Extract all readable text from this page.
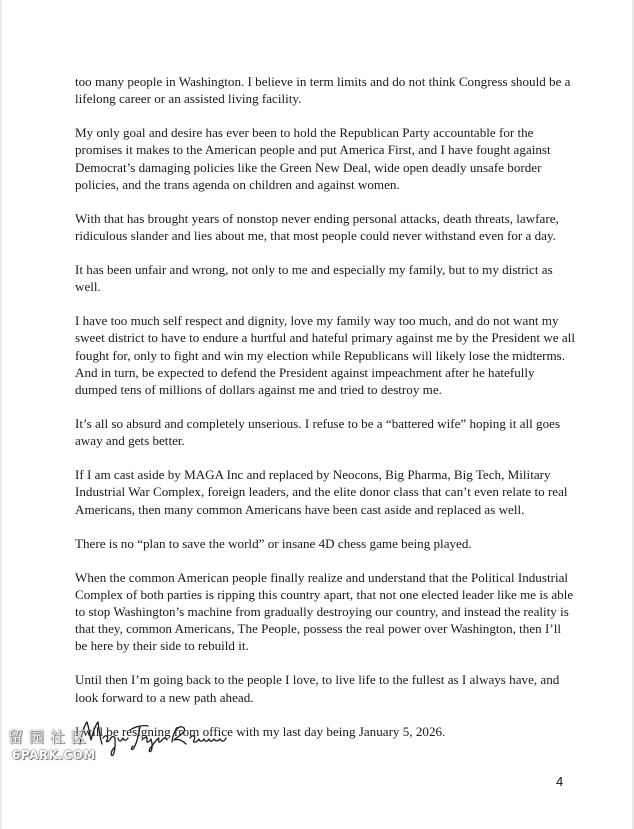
too many people in Washington. I believe in term limits and do not think Congress should be a lifelong career or an assisted living facility.

My only goal and desire has ever been to hold the Republican Party accountable for the promises it makes to the American people and put America First, and I have fought against Democrat’s damaging policies like the Green New Deal, wide open deadly unsafe border policies, and the trans agenda on children and against women.

With that has brought years of nonstop never ending personal attacks, death threats, lawfare, ridiculous slander and lies about me, that most people could never withstand even for a day.

It has been unfair and wrong, not only to me and especially my family, but to my district as well.

I have too much self respect and dignity, love my family way too much, and do not want my sweet district to have to endure a hurtful and hateful primary against me by the President we all fought for, only to fight and win my election while Republicans will likely lose the midterms. And in turn, be expected to defend the President against impeachment after he hatefully dumped tens of millions of dollars against me and tried to destroy me.

It’s all so absurd and completely unserious. I refuse to be a “battered wife” hoping it all goes away and gets better.

If I am cast aside by MAGA Inc and replaced by Neocons, Big Pharma, Big Tech, Military Industrial War Complex, foreign leaders, and the elite donor class that can’t even relate to real Americans, then many common Americans have been cast aside and replaced as well.

There is no “plan to save the world” or insane 4D chess game being played.

When the common American people finally realize and understand that the Political Industrial Complex of both parties is ripping this country apart, that not one elected leader like me is able to stop Washington’s machine from gradually destroying our country, and instead the reality is that they, common Americans, The People, possess the real power over Washington, then I’ll be here by their side to rebuild it.

Until then I’m going back to the people I love, to live life to the fullest as I always have, and look forward to a new path ahead.

I will be resigning from office with my last day being January 5, 2026.

4
留园社区
6PARK.COM
